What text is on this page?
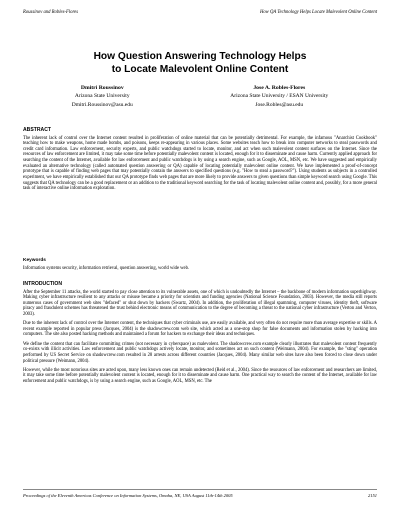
Roussinov and Robles-Flores	How QA Technology Helps Locate Malevolent Online Content
How Question Answering Technology Helps
to Locate Malevolent Online Content
Dmitri Roussinov
Arizona State University
Dmitri.Roussinov@asu.edu
Jose A. Robles-Flores
Arizona State University / ESAN University
Jose.Robles@asu.edu
ABSTRACT

The inherent lack of control over the Internet content resulted in proliferation of online material that can be potentially detrimental. For example, the infamous "Anarchist Cookbook" teaching how to make weapons, home made bombs, and poisons, keeps re-appearing in various places. Some websites teach how to break into computer networks to steal passwords and credit card information. Law enforcement, security experts, and public watchdogs started to locate, monitor, and act when such malevolent content surfaces on the Internet. Since the resources of law enforcement are limited, it may take some time before potentially malevolent content is located, enough for it to disseminate and cause harm. Currently applied approach for searching the content of the Internet, available for law enforcement and public watchdogs is by using a search engine, such as Google, AOL, MSN, etc. We have suggested and empirically evaluated an alternative technology (called automated question answering or QA) capable of locating potentially malevolent online content. We have implemented a proof-of-concept prototype that is capable of finding web pages that may potentially contain the answers to specified questions (e.g. "How to steal a password?"). Using students as subjects in a controlled experiment, we have empirically established that our QA prototype finds web pages that are more likely to provide answers to given questions than simple keyword search using Google. This suggests that QA technology can be a good replacement or an addition to the traditional keyword searching for the task of locating malevolent online content and, possibly, for a more general task of interactive online information exploration.

Keywords
Information systems security, information retrieval, question answering, world wide web.
INTRODUCTION

After the September 11 attacks, the world started to pay close attention to its vulnerable assets, one of which is undoubtedly the Internet – the backbone of modern information superhighway. Making cyber infrastructure resilient to any attacks or misuse became a priority for scientists and funding agencies (National Science Foundation, 2003). However, the media still reports numerous cases of government web sites "defaced" or shut down by hackers (Swartz, 2004). In addition, the proliferation of illegal spamming, computer viruses, identity theft, software piracy and fraudulent schemes has threatened the trust behind electronic means of communication to the degree of becoming a threat to the national cyber infrastructure (Verton and Verton, 2003).

Due to the inherent lack of control over the Internet content, the techniques that cyber criminals use, are easily available, and very often do not require more than average expertise or skills. A recent example reported in popular press (Jacques, 2004) is the shadowcrew.com web site, which acted as a one-stop shop for false documents and information stolen by hacking into computers. The site also posted hacking methods and maintained a forum for hackers to exchange their ideas and techniques.

We define the content that can facilitate committing crimes (not necessary in cyberspace) as malevolent. The shadowcrew.com example clearly illustrates that malevolent content frequently co-exists with illicit activities. Law enforcement and public watchdogs actively locate, monitor, and sometimes act on such content (Weimann, 2004). For example, the "sting" operation performed by US Secret Service on shadowcrew.com resulted in 28 arrests across different countries (Jacques, 2004). Many similar web sites have also been forced to close down under political pressure (Weimann, 2004).

However, while the most notorious sites are acted upon, many less known ones can remain undetected (Reid et al., 2004). Since the resources of law enforcement and researchers are limited, it may take some time before potentially malevolent content is located, enough for it to disseminate and cause harm. One practical way to search the content of the Internet, available for law enforcement and public watchdogs, is by using a search engine, such as Google, AOL, MSN, etc. The

Proceedings of the Eleventh Americas Conference on Information Systems, Omaha, NE, USA August 11th-14th 2005	2151
